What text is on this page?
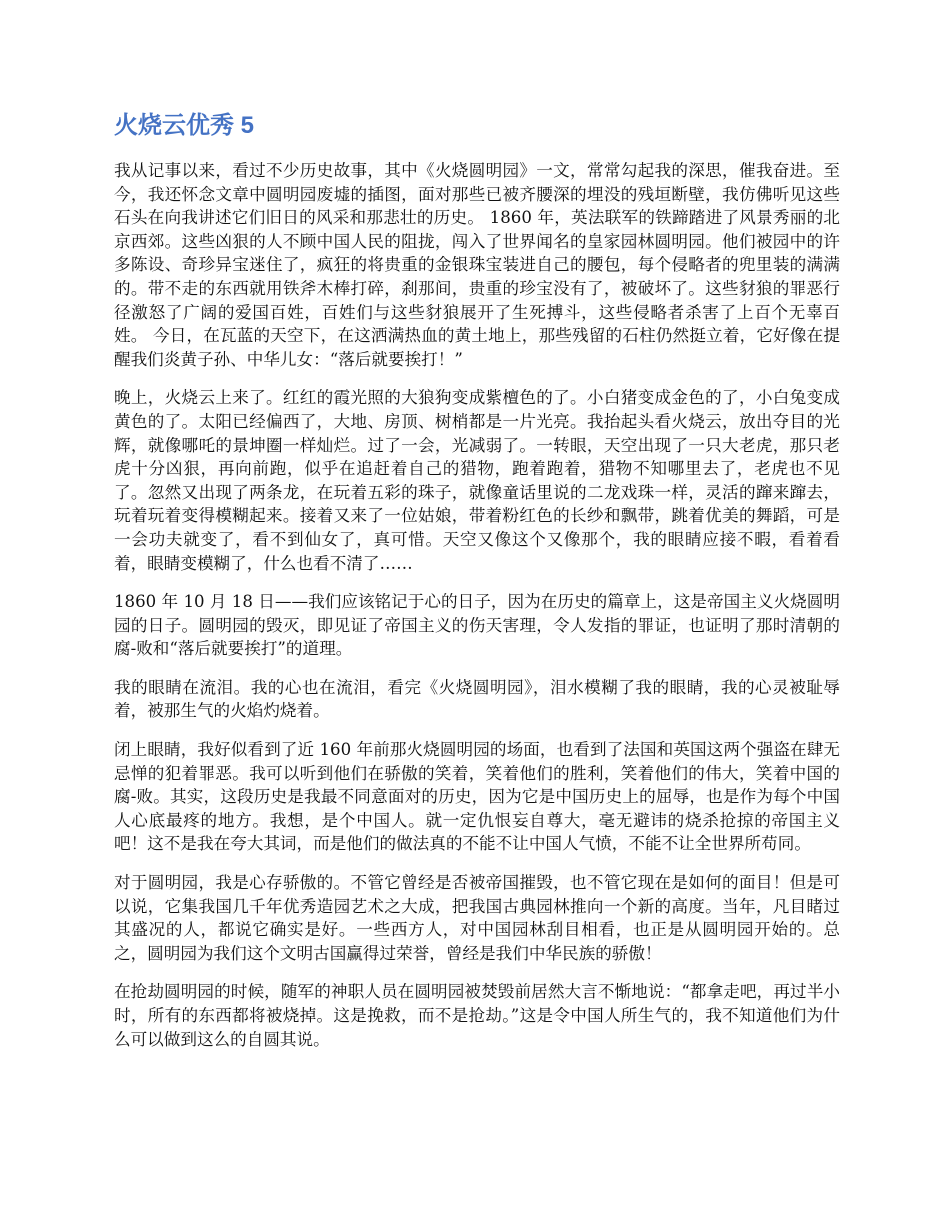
火烧云优秀 5

我从记事以来，看过不少历史故事，其中《火烧圆明园》一文，常常勾起我的深思，催我奋进。至今，我还怀念文章中圆明园废墟的插图，面对那些已被齐腰深的埋没的残垣断壁，我仿佛听见这些石头在向我讲述它们旧日的风采和那悲壮的历史。 1860 年，英法联军的铁蹄踏进了风景秀丽的北京西郊。这些凶狠的人不顾中国人民的阻拢，闯入了世界闻名的皇家园林圆明园。他们被园中的许多陈设、奇珍异宝迷住了，疯狂的将贵重的金银珠宝装进自己的腰包，每个侵略者的兜里装的满满的。带不走的东西就用铁斧木棒打碎，刹那间，贵重的珍宝没有了，被破坏了。这些豺狼的罪恶行径激怒了广阔的爱国百姓，百姓们与这些豺狼展开了生死搏斗，这些侵略者杀害了上百个无辜百姓。 今日，在瓦蓝的天空下，在这洒满热血的黄土地上，那些残留的石柱仍然挺立着，它好像在提醒我们炎黄子孙、中华儿女：“落后就要挨打！”

晚上，火烧云上来了。红红的霞光照的大狼狗变成紫檀色的了。小白猪变成金色的了，小白兔变成黄色的了。太阳已经偏西了，大地、房顶、树梢都是一片光亮。我抬起头看火烧云，放出夺目的光辉，就像哪吒的景坤圈一样灿烂。过了一会，光减弱了。一转眼，天空出现了一只大老虎，那只老虎十分凶狠，再向前跑，似乎在追赶着自己的猎物，跑着跑着，猎物不知哪里去了，老虎也不见了。忽然又出现了两条龙，在玩着五彩的珠子，就像童话里说的二龙戏珠一样，灵活的蹿来蹿去，玩着玩着变得模糊起来。接着又来了一位姑娘，带着粉红色的长纱和飘带，跳着优美的舞蹈，可是一会功夫就变了，看不到仙女了，真可惜。天空又像这个又像那个，我的眼睛应接不暇，看着看着，眼睛变模糊了，什么也看不清了……

1860 年 10 月 18 日——我们应该铭记于心的日子，因为在历史的篇章上，这是帝国主义火烧圆明园的日子。圆明园的毁灭，即见证了帝国主义的伤天害理，令人发指的罪证，也证明了那时清朝的腐-败和“落后就要挨打”的道理。

我的眼睛在流泪。我的心也在流泪，看完《火烧圆明园》，泪水模糊了我的眼睛，我的心灵被耻辱着，被那生气的火焰灼烧着。

闭上眼睛，我好似看到了近 160 年前那火烧圆明园的场面，也看到了法国和英国这两个强盗在肆无忌惮的犯着罪恶。我可以听到他们在骄傲的笑着，笑着他们的胜利，笑着他们的伟大，笑着中国的腐-败。其实，这段历史是我最不同意面对的历史，因为它是中国历史上的屈辱，也是作为每个中国人心底最疼的地方。我想，是个中国人。就一定仇恨妄自尊大，毫无避讳的烧杀抢掠的帝国主义吧！这不是我在夸大其词，而是他们的做法真的不能不让中国人气愤，不能不让全世界所苟同。

对于圆明园，我是心存骄傲的。不管它曾经是否被帝国摧毁，也不管它现在是如何的面目！但是可以说，它集我国几千年优秀造园艺术之大成，把我国古典园林推向一个新的高度。当年，凡目睹过其盛况的人，都说它确实是好。一些西方人，对中国园林刮目相看，也正是从圆明园开始的。总之，圆明园为我们这个文明古国赢得过荣誉，曾经是我们中华民族的骄傲！

在抢劫圆明园的时候，随军的神职人员在圆明园被焚毁前居然大言不惭地说：“都拿走吧，再过半小时，所有的东西都将被烧掉。这是挽救，而不是抢劫。”这是令中国人所生气的，我不知道他们为什么可以做到这么的自圆其说。
